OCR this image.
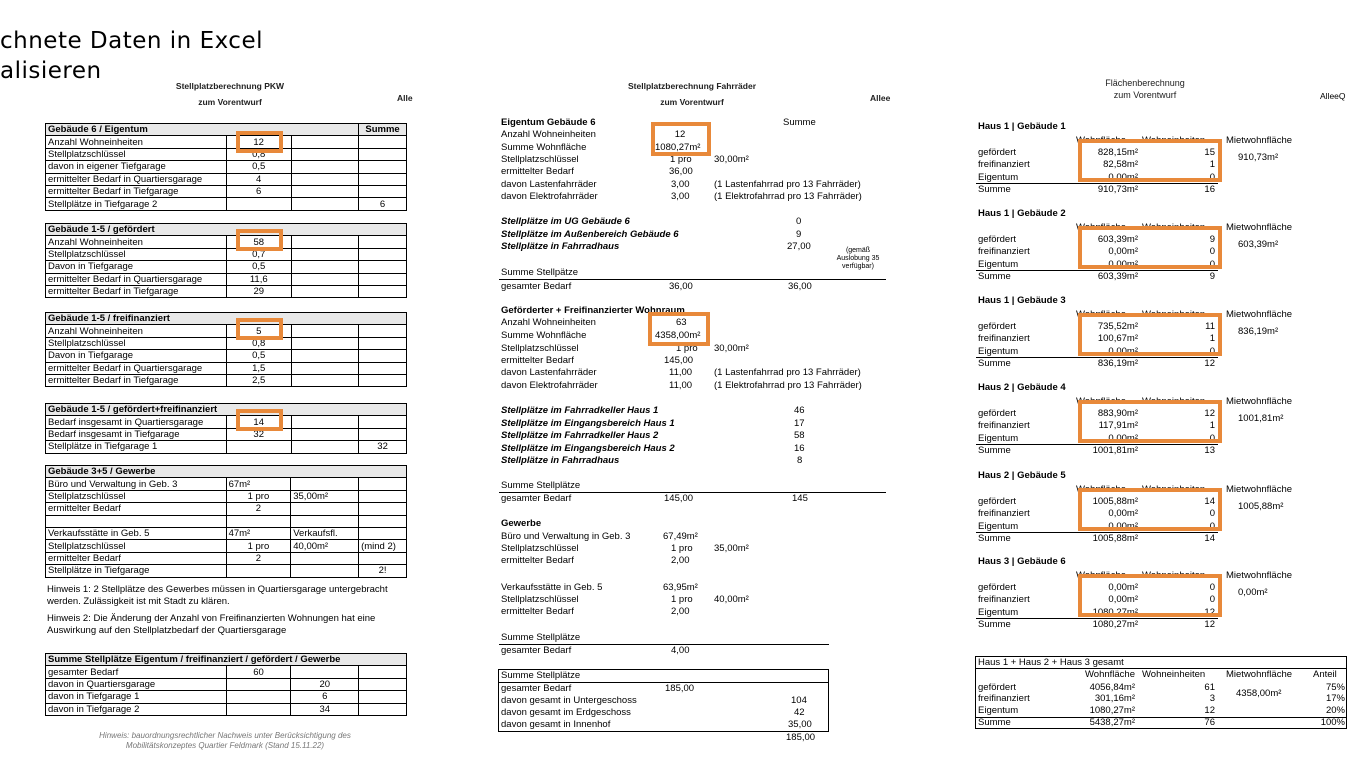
chnete Daten in Excel
alisieren
Stellplatzberechnung PKW
zum Vorentwurf	Alle
Gebäude 6 / Eigentum			Summe
Anzahl Wohneinheiten	12		
Stellplatzschlüssel	0,8		
davon in eigener Tiefgarage	0,5		
ermittelter Bedarf in Quartiersgarage	4		
ermittelter Bedarf in Tiefgarage	6		
Stellplätze in Tiefgarage 2			6
Gebäude 1-5 / gefördert			
Anzahl Wohneinheiten	58		
Stellplatzschlüssel	0,7		
Davon in Tiefgarage	0,5		
ermittelter Bedarf in Quartiersgarage	11,6		
ermittelter Bedarf in Tiefgarage	29		
Gebäude 1-5 / freifinanziert			
Anzahl Wohneinheiten	5		
Stellplatzschlüssel	0,8		
Davon in Tiefgarage	0,5		
ermittelter Bedarf in Quartiersgarage	1,5		
ermittelter Bedarf in Tiefgarage	2,5		
Gebäude 1-5 / gefördert+freifinanziert			
Bedarf insgesamt in Quartiersgarage	14		
Bedarf insgesamt in Tiefgarage	32		
Stellplätze in Tiefgarage 1			32
Gebäude 3+5 / Gewerbe			
Büro und Verwaltung in Geb. 3	67m²		
Stellplatzschlüssel	1 pro	35,00m²	
ermittelter Bedarf	2		

Verkaufsstätte in Geb. 5	47m²	Verkaufsfl.	
Stellplatzschlüssel	1 pro	40,00m²	(mind 2)
ermittelter Bedarf	2		
Stellplätze in Tiefgarage			2!
Hinweis 1: 2 Stellplätze des Gewerbes müssen in Quartiersgarage untergebracht werden. Zulässigkeit ist mit Stadt zu klären.
Hinweis 2: Die Änderung der Anzahl von Freifinanzierten Wohnungen hat eine Auswirkung auf den Stellplatzbedarf der Quartiersgarage
Summe Stellplätze Eigentum / freifinanziert / gefördert / Gewerbe			
gesamter Bedarf	60		
davon in Quartiersgarage		20	
davon in Tiefgarage 1		6	
davon in Tiefgarage 2		34	
Hinweis: bauordnungsrechtlicher Nachweis unter Berücksichtigung des
Mobilitätskonzeptes Quartier Feldmark (Stand 15.11.22)
Stellplatzberechnung Fahrräder
zum Vorentwurf	Allee
Eigentum Gebäude 6	Summe
Anzahl Wohneinheiten	12
Summe Wohnfläche	1080,27m²
Stellplatzschlüssel	1 pro 30,00m²
ermittelter Bedarf	36,00
davon Lastenfahrräder	3,00	(1 Lastenfahrrad pro 13 Fahrräder)
davon Elektrofahrräder	3,00	(1 Elektrofahrrad pro 13 Fahrräder)
Stellplätze im UG Gebäude 6	0
Stellplätze im Außenbereich Gebäude 6	9
Stellplätze in Fahrradhaus	27,00	(gemäß Auslobung 35 verfügbar)
Summe Stellpätze
gesamter Bedarf	36,00	36,00
Geförderter + Freifinanzierter Wohnraum
Anzahl Wohneinheiten	63
Summe Wohnfläche	4358,00m²
Stellplatzschlüssel	1 pro 30,00m²
ermittelter Bedarf	145,00
davon Lastenfahrräder	11,00 (1 Lastenfahrrad pro 13 Fahrräder)
davon Elektrofahrräder	11,00 (1 Elektrofahrrad pro 13 Fahrräder)
Stellplätze im Fahrradkeller Haus 1	46
Stellplätze im Eingangsbereich Haus 1	17
Stellplätze im Fahrradkeller Haus 2	58
Stellplätze im Eingangsbereich Haus 2	16
Stellplätze in Fahrradhaus	8
Summe Stellplätze
gesamter Bedarf	145,00	145
Gewerbe
Büro und Verwaltung in Geb. 3	67,49m²
Stellplatzschlüssel	1 pro 35,00m²
ermittelter Bedarf	2,00
Verkaufsstätte in Geb. 5	63,95m²
Stellplatzschlüssel	1 pro 40,00m²
ermittelter Bedarf	2,00
Summe Stellplätze
gesamter Bedarf	4,00
Summe Stellplätze
gesamter Bedarf	185,00
davon gesamt in Untergeschoss	104
davon gesamt im Erdgeschoss	42
davon gesamt in Innenhof	35,00
185,00
Flächenberechnung
zum Vorentwurf	AlleeQ
Haus 1 | Gebäude 1
Wohnfläche Wohneinheiten Mietwohnfläche
gefördert	828,15m²	15
freifinanziert	82,58m²	1
Eigentum	0,00m²	0
Summe	910,73m²	16
910,73m²
Haus 1 | Gebäude 2
Wohnfläche Wohneinheiten Mietwohnfläche
gefördert	603,39m²	9
freifinanziert	0,00m²	0
Eigentum	0,00m²	0
Summe	603,39m²	9
603,39m²
Haus 1 | Gebäude 3
Wohnfläche Wohneinheiten Mietwohnfläche
gefördert	735,52m²	11
freifinanziert	100,67m²	1
Eigentum	0,00m²	0
Summe	836,19m²	12
836,19m²
Haus 2 | Gebäude 4
Wohnfläche Wohneinheiten Mietwohnfläche
gefördert	883,90m²	12
freifinanziert	117,91m²	1
Eigentum	0,00m²	0
Summe	1001,81m²	13
1001,81m²
Haus 2 | Gebäude 5
Wohnfläche Wohneinheiten Mietwohnfläche
gefördert	1005,88m²	14
freifinanziert	0,00m²	0
Eigentum	0,00m²	0
Summe	1005,88m²	14
1005,88m²
Haus 3 | Gebäude 6
Wohnfläche Wohneinheiten Mietwohnfläche
gefördert	0,00m²	0
freifinanziert	0,00m²	0
Eigentum	1080,27m²	12
Summe	1080,27m²	12
0,00m²
Haus 1 + Haus 2 + Haus 3 gesamt
Wohnfläche Wohneinheiten Mietwohnfläche Anteil
gefördert	4056,84m²	61	75%
freifinanziert	301,16m²	3	17%
4358,00m²
Eigentum	1080,27m²	12	20%
Summe	5438,27m²	76	100%
